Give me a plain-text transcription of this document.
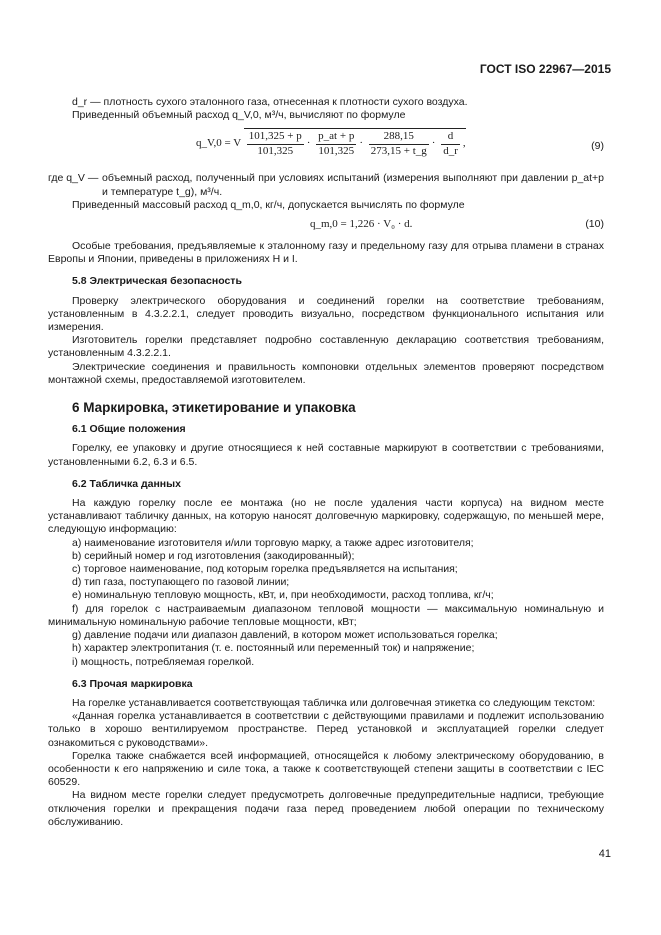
ГОСТ ISO 22967—2015

d_r — плотность сухого эталонного газа, отнесенная к плотности сухого воздуха.

Приведенный объемный расход q_V,0, м³/ч, вычисляют по формуле

q_V,0 = V $\frac{101,325 + p}{101,325} \cdot \frac{p\_at + p}{101,325} \cdot \frac{288,15}{273,15 + t\_g} \cdot \frac{d}{d\_r}$ ,	(9)
где q_V — объемный расход, полученный при условиях испытаний (измерения выполняют при давлении p_at+p и температуре t_g), м³/ч.

Приведенный массовый расход q_m,0, кг/ч, допускается вычислять по формуле

q_m,0 = 1,226 · V₀ · d.	(10)

Особые требования, предъявляемые к эталонному газу и предельному газу для отрыва пламени в странах Европы и Японии, приведены в приложениях H и I.

5.8 Электрическая безопасность

Проверку электрического оборудования и соединений горелки на соответствие требованиям, установленным в 4.3.2.2.1, следует проводить визуально, посредством функционального испытания или измерения.

Изготовитель горелки представляет подробно составленную декларацию соответствия требованиям, установленным 4.3.2.2.1.

Электрические соединения и правильность компоновки отдельных элементов проверяют посредством монтажной схемы, предоставляемой изготовителем.

6 Маркировка, этикетирование и упаковка
6.1 Общие положения

Горелку, ее упаковку и другие относящиеся к ней составные маркируют в соответствии с требованиями, установленными 6.2, 6.3 и 6.5.

6.2 Табличка данных

На каждую горелку после ее монтажа (но не после удаления части корпуса) на видном месте устанавливают табличку данных, на которую наносят долговечную маркировку, содержащую, по меньшей мере, следующую информацию:

a) наименование изготовителя и/или торговую марку, а также адрес изготовителя;

b) серийный номер и год изготовления (закодированный);

c) торговое наименование, под которым горелка предъявляется на испытания;

d) тип газа, поступающего по газовой линии;

e) номинальную тепловую мощность, кВт, и, при необходимости, расход топлива, кг/ч;

f) для горелок с настраиваемым диапазоном тепловой мощности — максимальную номинальную и минимальную номинальную рабочие тепловые мощности, кВт;

g) давление подачи или диапазон давлений, в котором может использоваться горелка;

h) характер электропитания (т. е. постоянный или переменный ток) и напряжение;

i) мощность, потребляемая горелкой.

6.3 Прочая маркировка

На горелке устанавливается соответствующая табличка или долговечная этикетка со следующим текстом:

«Данная горелка устанавливается в соответствии с действующими правилами и подлежит использованию только в хорошо вентилируемом пространстве. Перед установкой и эксплуатацией горелки следует ознакомиться с руководствами».

Горелка также снабжается всей информацией, относящейся к любому электрическому оборудованию, в особенности к его напряжению и силе тока, а также к соответствующей степени защиты в соответствии с IEC 60529.

На видном месте горелки следует предусмотреть долговечные предупредительные надписи, требующие отключения горелки и прекращения подачи газа перед проведением любой операции по техническому обслуживанию.

41
